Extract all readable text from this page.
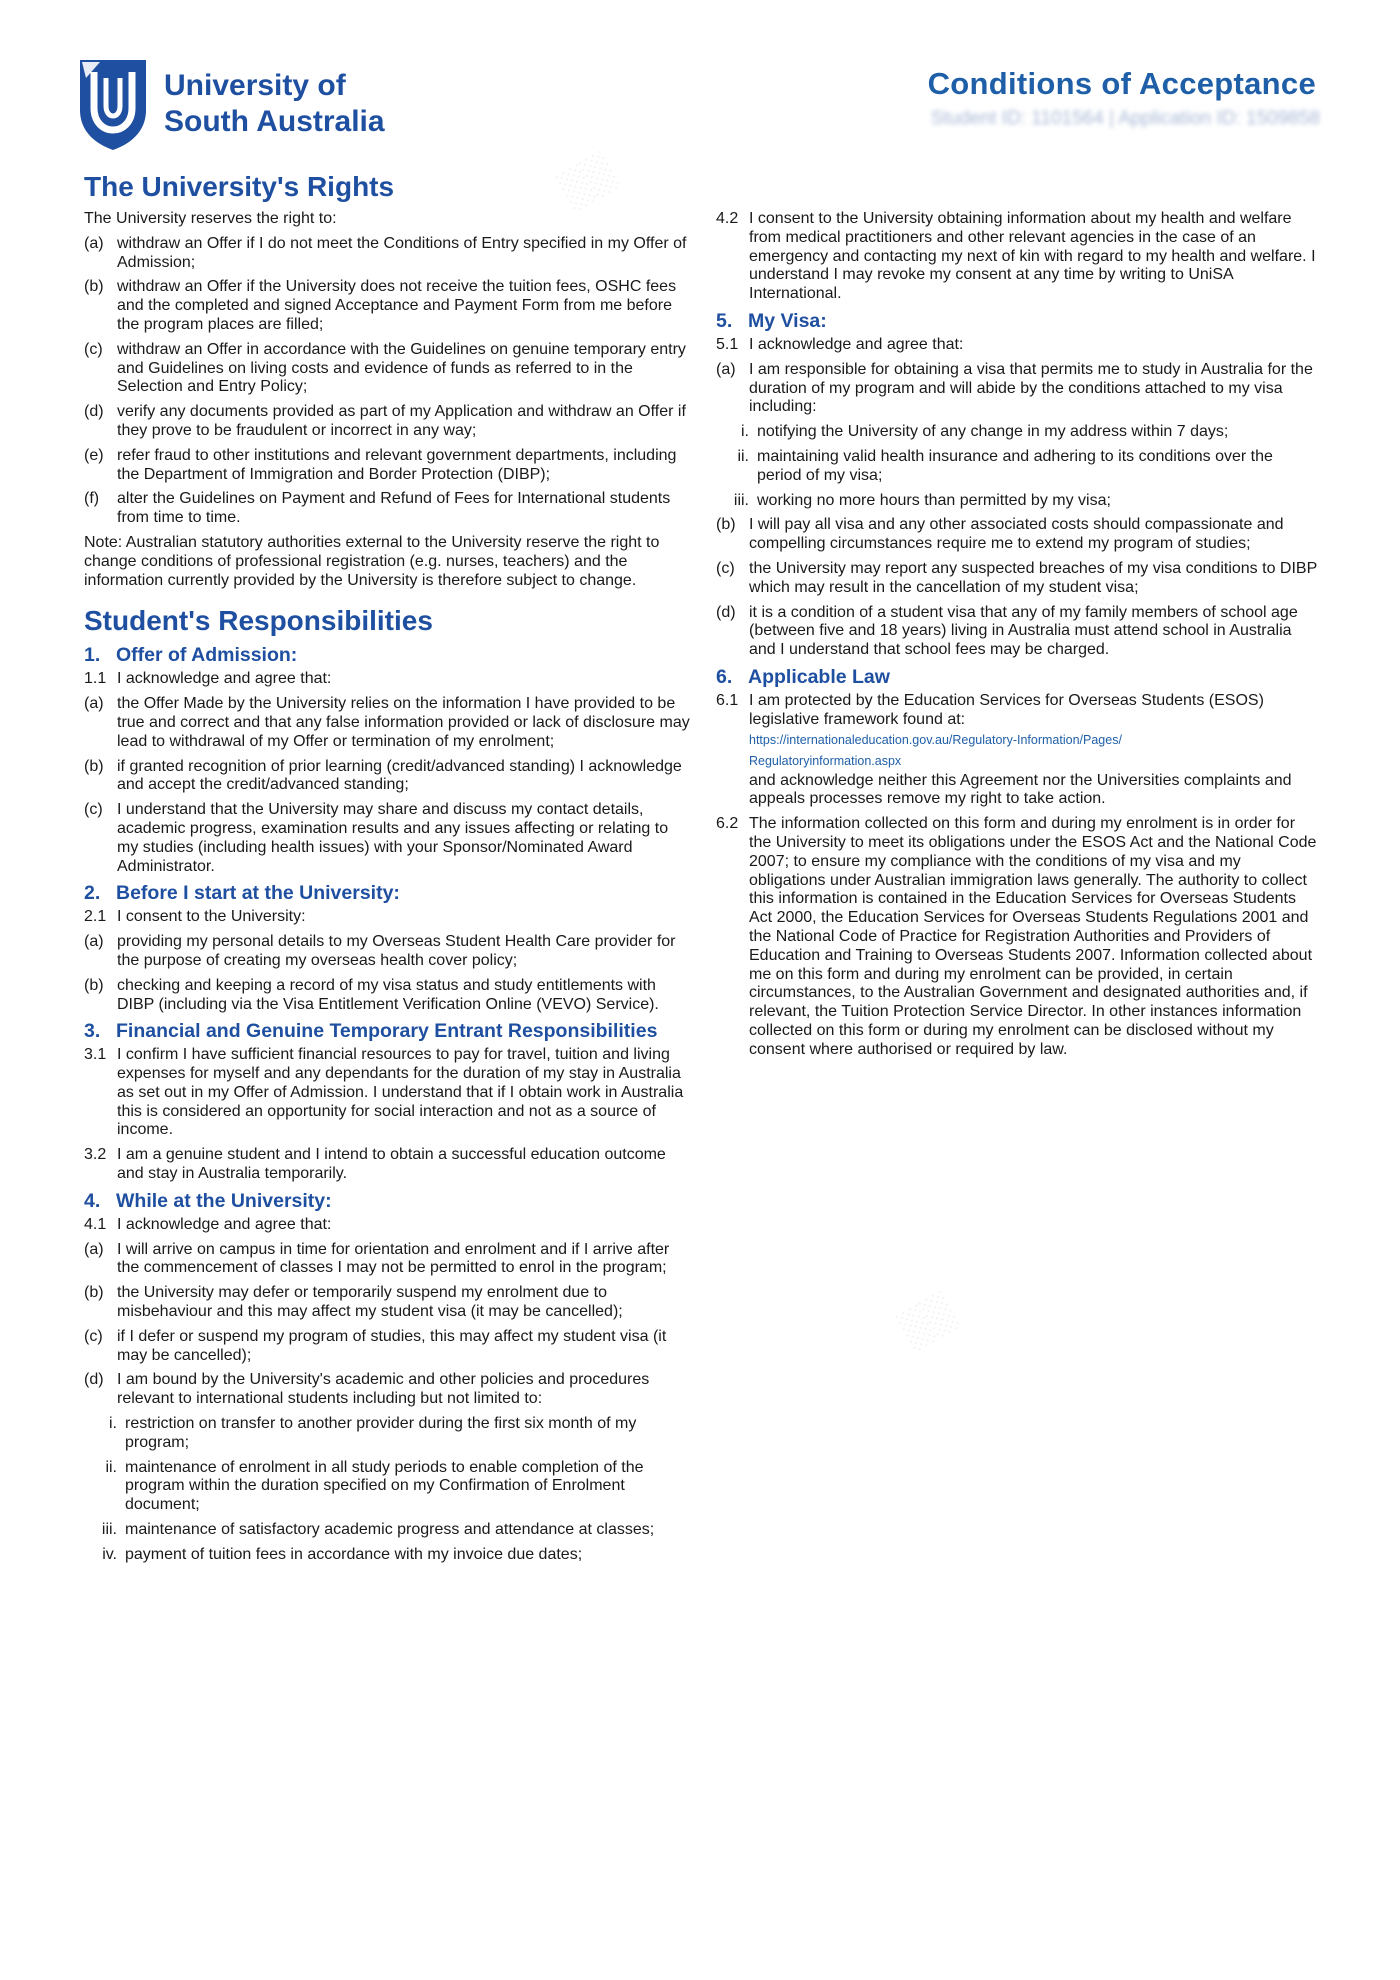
░░
░░
░░
University of
South Australia
Conditions of Acceptance
Student ID: 1101564 | Application ID: 1509858
The University's Rights
The University reserves the right to:
(a) withdraw an Offer if I do not meet the Conditions of Entry specified in my Offer of Admission;
(b) withdraw an Offer if the University does not receive the tuition fees, OSHC fees and the completed and signed Acceptance and Payment Form from me before the program places are filled;
(c) withdraw an Offer in accordance with the Guidelines on genuine temporary entry and Guidelines on living costs and evidence of funds as referred to in the Selection and Entry Policy;
(d) verify any documents provided as part of my Application and withdraw an Offer if they prove to be fraudulent or incorrect in any way;
(e) refer fraud to other institutions and relevant government departments, including the Department of Immigration and Border Protection (DIBP);
(f)	alter the Guidelines on Payment and Refund of Fees for International students from time to time.
Note: Australian statutory authorities external to the University reserve the right to change conditions of professional registration (e.g. nurses, teachers) and the information currently provided by the University is therefore subject to change.
Student's Responsibilities
1. Offer of Admission:
1.1 I acknowledge and agree that:
(a) the Offer Made by the University relies on the information I have provided to be true and correct and that any false information provided or lack of disclosure may lead to withdrawal of my Offer or termination of my enrolment;
(b) if granted recognition of prior learning (credit/advanced standing) I acknowledge and accept the credit/advanced standing;
(c) I understand that the University may share and discuss my contact details, academic progress, examination results and any issues affecting or relating to my studies (including health issues) with your Sponsor/Nominated Award Administrator.
2. Before I start at the University:
2.1 I consent to the University:
(a) providing my personal details to my Overseas Student Health Care provider for the purpose of creating my overseas health cover policy;
(b) checking and keeping a record of my visa status and study entitlements with DIBP (including via the Visa Entitlement Verification Online (VEVO) Service).
3. Financial and Genuine Temporary Entrant Responsibilities
3.1 I confirm I have sufficient financial resources to pay for travel, tuition and living expenses for myself and any dependants for the duration of my stay in Australia as set out in my Offer of Admission. I understand that if I obtain work in Australia this is considered an opportunity for social interaction and not as a source of income.
3.2 I am a genuine student and I intend to obtain a successful education outcome and stay in Australia temporarily.
4. While at the University:
4.1 I acknowledge and agree that:
(a) I will arrive on campus in time for orientation and enrolment and if I arrive after the commencement of classes I may not be permitted to enrol in the program;
(b) the University may defer or temporarily suspend my enrolment due to misbehaviour and this may affect my student visa (it may be cancelled);
(c) if I defer or suspend my program of studies, this may affect my student visa (it may be cancelled);
(d) I am bound by the University's academic and other policies and procedures relevant to international students including but not limited to:
i. restriction on transfer to another provider during the first six month of my program;
ii. maintenance of enrolment in all study periods to enable completion of the program within the duration specified on my Confirmation of Enrolment document;
iii. maintenance of satisfactory academic progress and attendance at classes;
iv. payment of tuition fees in accordance with my invoice due dates;
4.2 I consent to the University obtaining information about my health and welfare from medical practitioners and other relevant agencies in the case of an emergency and contacting my next of kin with regard to my health and welfare. I understand I may revoke my consent at any time by writing to UniSA International.
5. My Visa:
5.1 I acknowledge and agree that:
(a) I am responsible for obtaining a visa that permits me to study in Australia for the duration of my program and will abide by the conditions attached to my visa including:
i. notifying the University of any change in my address within 7 days;
ii. maintaining valid health insurance and adhering to its conditions over the period of my visa;
iii. working no more hours than permitted by my visa;
(b) I will pay all visa and any other associated costs should compassionate and compelling circumstances require me to extend my program of studies;
(c) the University may report any suspected breaches of my visa conditions to DIBP which may result in the cancellation of my student visa;
(d) it is a condition of a student visa that any of my family members of school age (between five and 18 years) living in Australia must attend school in Australia and I understand that school fees may be charged.
6. Applicable Law
6.1 I am protected by the Education Services for Overseas Students (ESOS) legislative framework found at:
https://internationaleducation.gov.au/Regulatory-Information/Pages/
Regulatoryinformation.aspx
and acknowledge neither this Agreement nor the Universities complaints and appeals processes remove my right to take action.
6.2 The information collected on this form and during my enrolment is in order for the University to meet its obligations under the ESOS Act and the National Code 2007; to ensure my compliance with the conditions of my visa and my obligations under Australian immigration laws generally. The authority to collect this information is contained in the Education Services for Overseas Students Act 2000, the Education Services for Overseas Students Regulations 2001 and the National Code of Practice for Registration Authorities and Providers of Education and Training to Overseas Students 2007. Information collected about me on this form and during my enrolment can be provided, in certain circumstances, to the Australian Government and designated authorities and, if relevant, the Tuition Protection Service Director. In other instances information collected on this form or during my enrolment can be disclosed without my consent where authorised or required by law.
